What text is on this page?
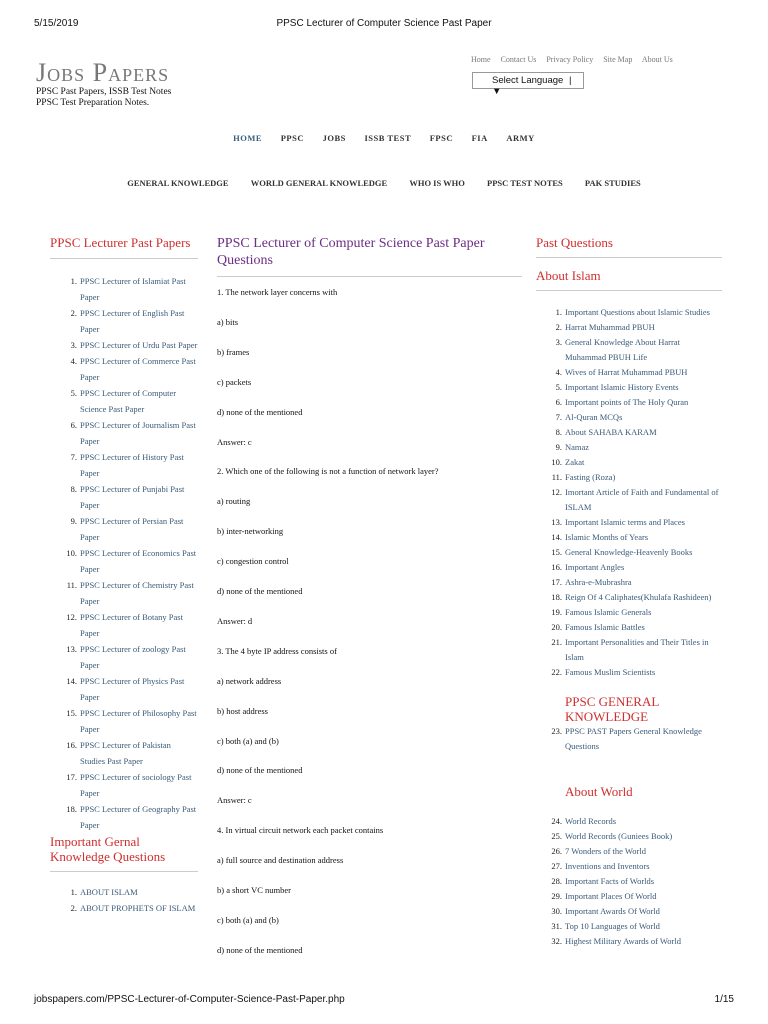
5/15/2019	PPSC Lecturer of Computer Science Past Paper
jobspapers.com/PPSC-Lecturer-of-Computer-Science-Past-Paper.php	1/15
Jobs Papers
PPSC Past Papers, ISSB Test Notes
PPSC Test Preparation Notes.
Home Contact Us Privacy Policy Site Map About Us
Select Language | ▼
HOME PPSC JOBS ISSB TEST FPSC FIA ARMY
GENERAL KNOWLEDGE	WORLD GENERAL KNOWLEDGE	WHO IS WHO	PPSC TEST NOTES	PAK STUDIES
PPSC Lecturer Past Papers
1. PPSC Lecturer of Islamiat Past Paper
2. PPSC Lecturer of English Past Paper
3. PPSC Lecturer of Urdu Past Paper
4. PPSC Lecturer of Commerce Past Paper
5. PPSC Lecturer of Computer Science Past Paper
6. PPSC Lecturer of Journalism Past Paper
7. PPSC Lecturer of History Past Paper
8. PPSC Lecturer of Punjabi Past Paper
9. PPSC Lecturer of Persian Past Paper
10. PPSC Lecturer of Economics Past Paper
11. PPSC Lecturer of Chemistry Past Paper
12. PPSC Lecturer of Botany Past Paper
13. PPSC Lecturer of zoology Past Paper
14. PPSC Lecturer of Physics Past Paper
15. PPSC Lecturer of Philosophy Past Paper
16. PPSC Lecturer of Pakistan Studies Past Paper
17. PPSC Lecturer of sociology Past Paper
18. PPSC Lecturer of Geography Past Paper
Important Gernal Knowledge Questions
1. ABOUT ISLAM
2. ABOUT PROPHETS OF ISLAM
PPSC Lecturer of Computer Science Past Paper Questions
1. The network layer concerns with
a) bits
b) frames
c) packets
d) none of the mentioned
Answer: c
2. Which one of the following is not a function of network layer?
a) routing
b) inter-networking
c) congestion control
d) none of the mentioned
Answer: d
3. The 4 byte IP address consists of
a) network address
b) host address
c) both (a) and (b)
d) none of the mentioned
Answer: c
4. In virtual circuit network each packet contains
a) full source and destination address
b) a short VC number
c) both (a) and (b)
d) none of the mentioned
Past Questions
About Islam
1. Important Questions about Islamic Studies
2. Harrat Muhammad PBUH
3. General Knowledge About Harrat Muhammad PBUH Life
4. Wives of Harrat Muhammad PBUH
5. Important Islamic History Events
6. Important points of The Holy Quran
7. Al-Quran MCQs
8. About SAHABA KARAM
9. Namaz
10. Zakat
11. Fasting (Roza)
12. Imortant Article of Faith and Fundamental of ISLAM
13. Important Islamic terms and Places
14. Islamic Months of Years
15. General Knowledge-Heavenly Books
16. Important Angles
17. Ashra-e-Mubrashra
18. Reign Of 4 Caliphates(Khulafa Rashideen)
19. Famous Islamic Generals
20. Famous Islamic Battles
21. Important Personalities and Their Titles in Islam
22. Famous Muslim Scientists
PPSC GENERAL KNOWLEDGE
23. PPSC PAST Papers General Knowledge Questions
About World
24. World Records
25. World Records (Guniees Book)
26. 7 Wonders of the World
27. Inventions and Inventors
28. Important Facts of Worlds
29. Important Places Of World
30. Important Awards Of World
31. Top 10 Languages of World
32. Highest Military Awards of World
